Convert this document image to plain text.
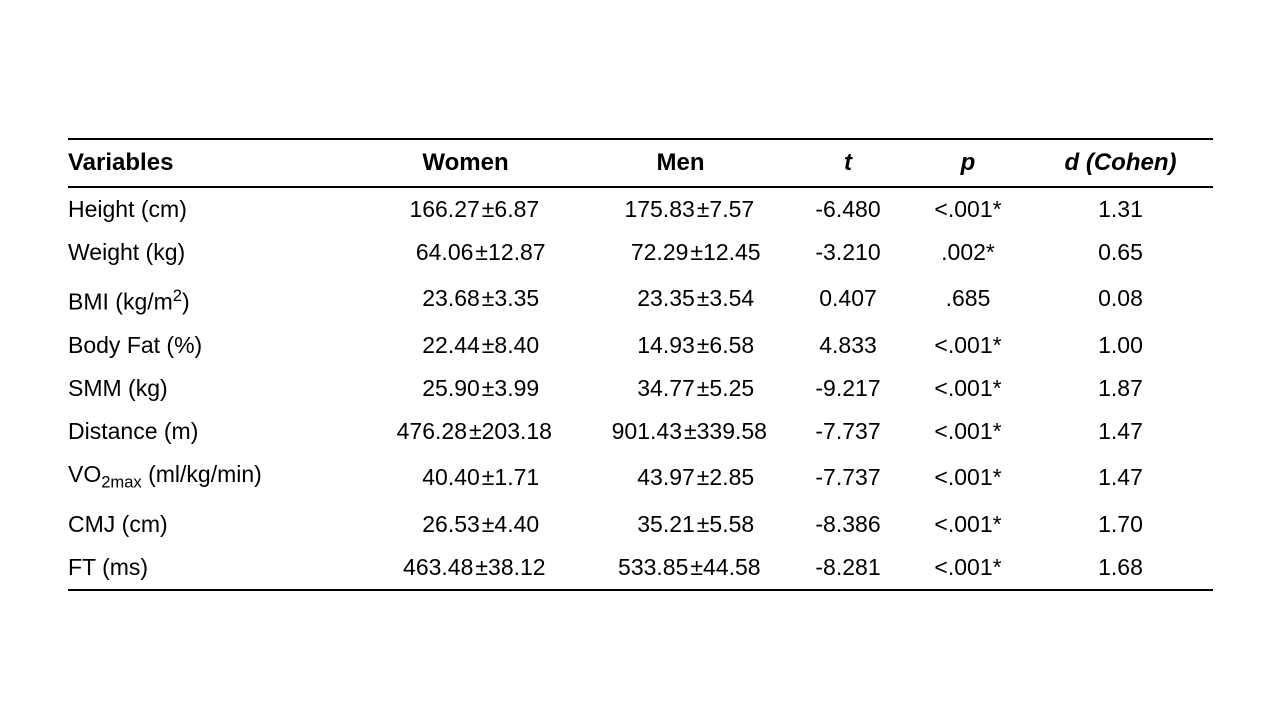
Variables	Women	Men	t	p	d (Cohen)
Height (cm)	166.27±6.87	175.83±7.57	-6.480	<.001*	1.31
Weight (kg)	64.06±12.87	72.29±12.45	-3.210	.002*	0.65
BMI $(kg/m^2)$	23.68±3.35	23.35±3.54	0.407	.685	0.08
Body Fat (%)	22.44±8.40	14.93±6.58	4.833	<.001*	1.00
SMM (kg)	25.90±3.99	34.77±5.25	-9.217	<.001*	1.87
Distance (m)	476.28±203.18	901.43±339.58	-7.737	<.001*	1.47
$VO_{2max}$ (ml/kg/min)	40.40±1.71	43.97±2.85	-7.737	<.001*	1.47
CMJ (cm)	26.53±4.40	35.21±5.58	-8.386	<.001*	1.70
FT (ms)	463.48±38.12	533.85±44.58	-8.281	<.001*	1.68
